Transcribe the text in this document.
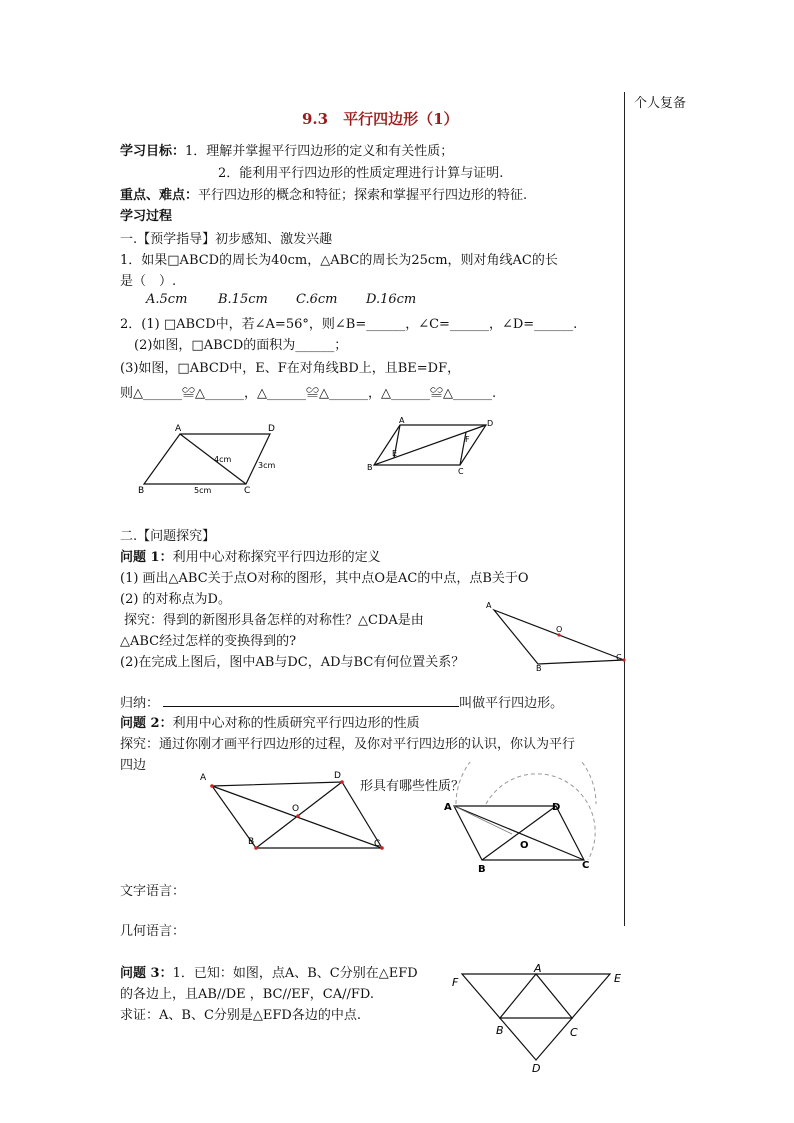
个人复备
9.3　平行四边形（1）
学习目标：1．理解并掌握平行四边形的定义和有关性质；
2．能利用平行四边形的性质定理进行计算与证明.
重点、难点：平行四边形的概念和特征；探索和掌握平行四边形的特征.
学习过程
一.【预学指导】初步感知、激发兴趣
1．如果□ABCD的周长为40cm，△ABC的周长为25cm，则对角线AC的长
是（　）.
A.5cm B.15cm C.6cm D.16cm
2．(1) □ABCD中，若∠A=56°，则∠B=______，∠C=______，∠D=______.
(2)如图，□ABCD的面积为______；
(3)如图，□ABCD中，E、F在对角线BD上，且BE=DF，
则△______≌△______，△______≌△______，△______≌△______.
A	D
B	C
4cm
3cm
5cm
A	D
B	C
E
F
二.【问题探究】
问题 1：利用中心对称探究平行四边形的定义
(1) 画出△ABC关于点O对称的图形，其中点O是AC的中点，点B关于O
(2) 的对称点为D。
探究：得到的新图形具备怎样的对称性？△CDA是由
△ABC经过怎样的变换得到的?
(2)在完成上图后，图中AB与DC，AD与BC有何位置关系？
A
O
C
B
归纳：	叫做平行四边形。
问题 2：利用中心对称的性质研究平行四边形的性质
探究：通过你刚才画平行四边形的过程，及你对平行四边形的认识，你认为平行
四边
形具有哪些性质？
A	D
O
B	C
A	D
O
B	C
文字语言：
几何语言：
问题 3：1．已知：如图，点A、B、C分别在△EFD
的各边上，且AB//DE ，BC//EF，CA//FD.
求证：A、B、C分别是△EFD各边的中点.
A
F	E
B	C
D
